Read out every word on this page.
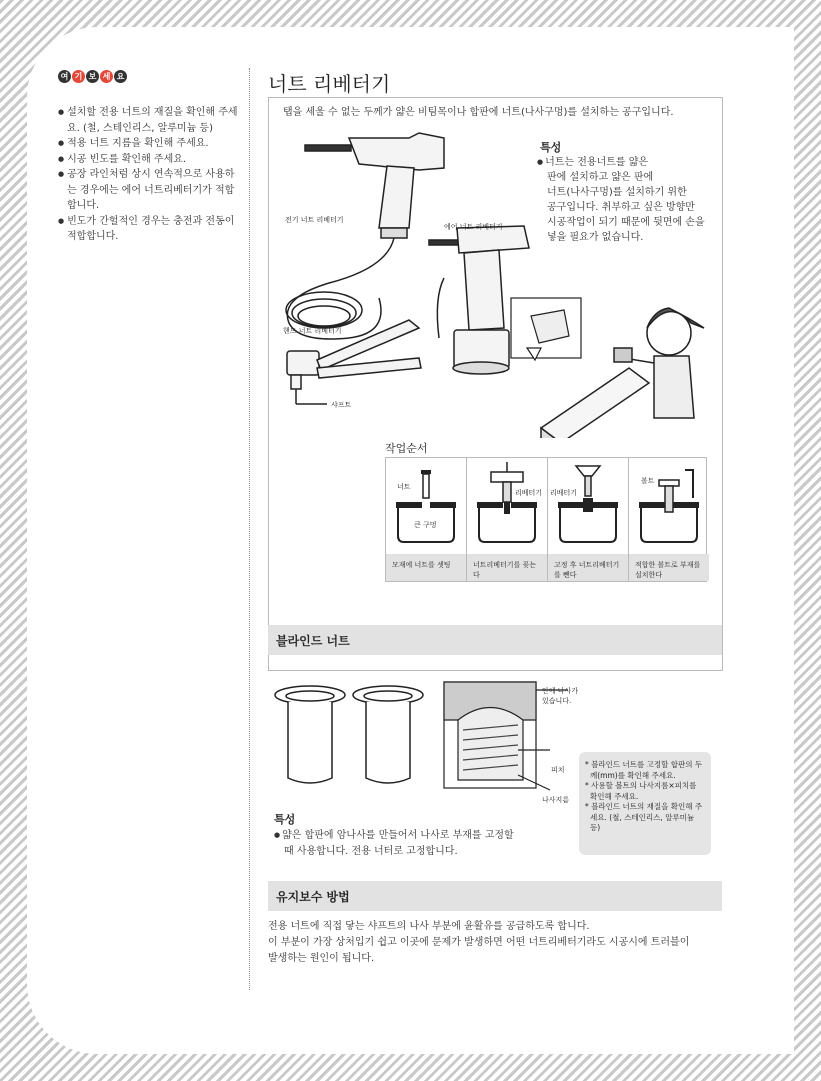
여 기 보 세 요
● 설치할 전용 너트의 재질을 확인해 주세요. (철, 스테인리스, 알루미늄 등)
● 적용 너트 지름을 확인해 주세요.
● 시공 빈도를 확인해 주세요.
● 공장 라인처럼 상시 연속적으로 사용하는 경우에는 에어 너트리베터기가 적합합니다.
● 빈도가 간헐적인 경우는 충전과 전동이 적합합니다.
너트 리베터기
탭을 세울 수 없는 두께가 얇은 비팀목이나 합판에 너트(나사구멍)를 설치하는 공구입니다.
전기 너트 리베터기
에어 너트 리베터기
핸드 너트 리베터기
샤프트
특성
● 너트는 전용너트를 얇은
판에 설치하고 얇은 판에
너트(나사구멍)를 설치하기 위한
공구입니다. 취부하고 싶은 방향만
시공작업이 되기 때문에 뒷면에 손을
넣을 필요가 없습니다.
작업순서
너트
큰 구멍
모재에 너트를 셋팅
리베터기
너트리베터기를 꽂는다
리베터기
고정 후 너트리베터기를 뺀다
볼트
적합한 볼트로 부재를 설치한다
블라인드 너트
안에 나사가 있습니다.
피치
나사지름

* 블라인드 너트를 고정할 합판의 두께(mm)를 확인해 주세요.

* 사용할 볼트의 나사지름×피치를 확인해 주세요.

* 블라인드 너트의 재질을 확인해 주세요. (철, 스테인리스, 알루미늄 등)

특성
● 얇은 합판에 암나사를 만들어서 나사로 부재를 고정할
때 사용합니다. 전용 너터로 고정합니다.
유지보수 방법

전용 너트에 직접 닿는 샤프트의 나사 부분에 윤활유를 공급하도록 합니다.

이 부분이 가장 상처입기 쉽고 이곳에 문제가 발생하면 어떤 너트리베터기라도 시공시에 트러블이

발생하는 원인이 됩니다.
